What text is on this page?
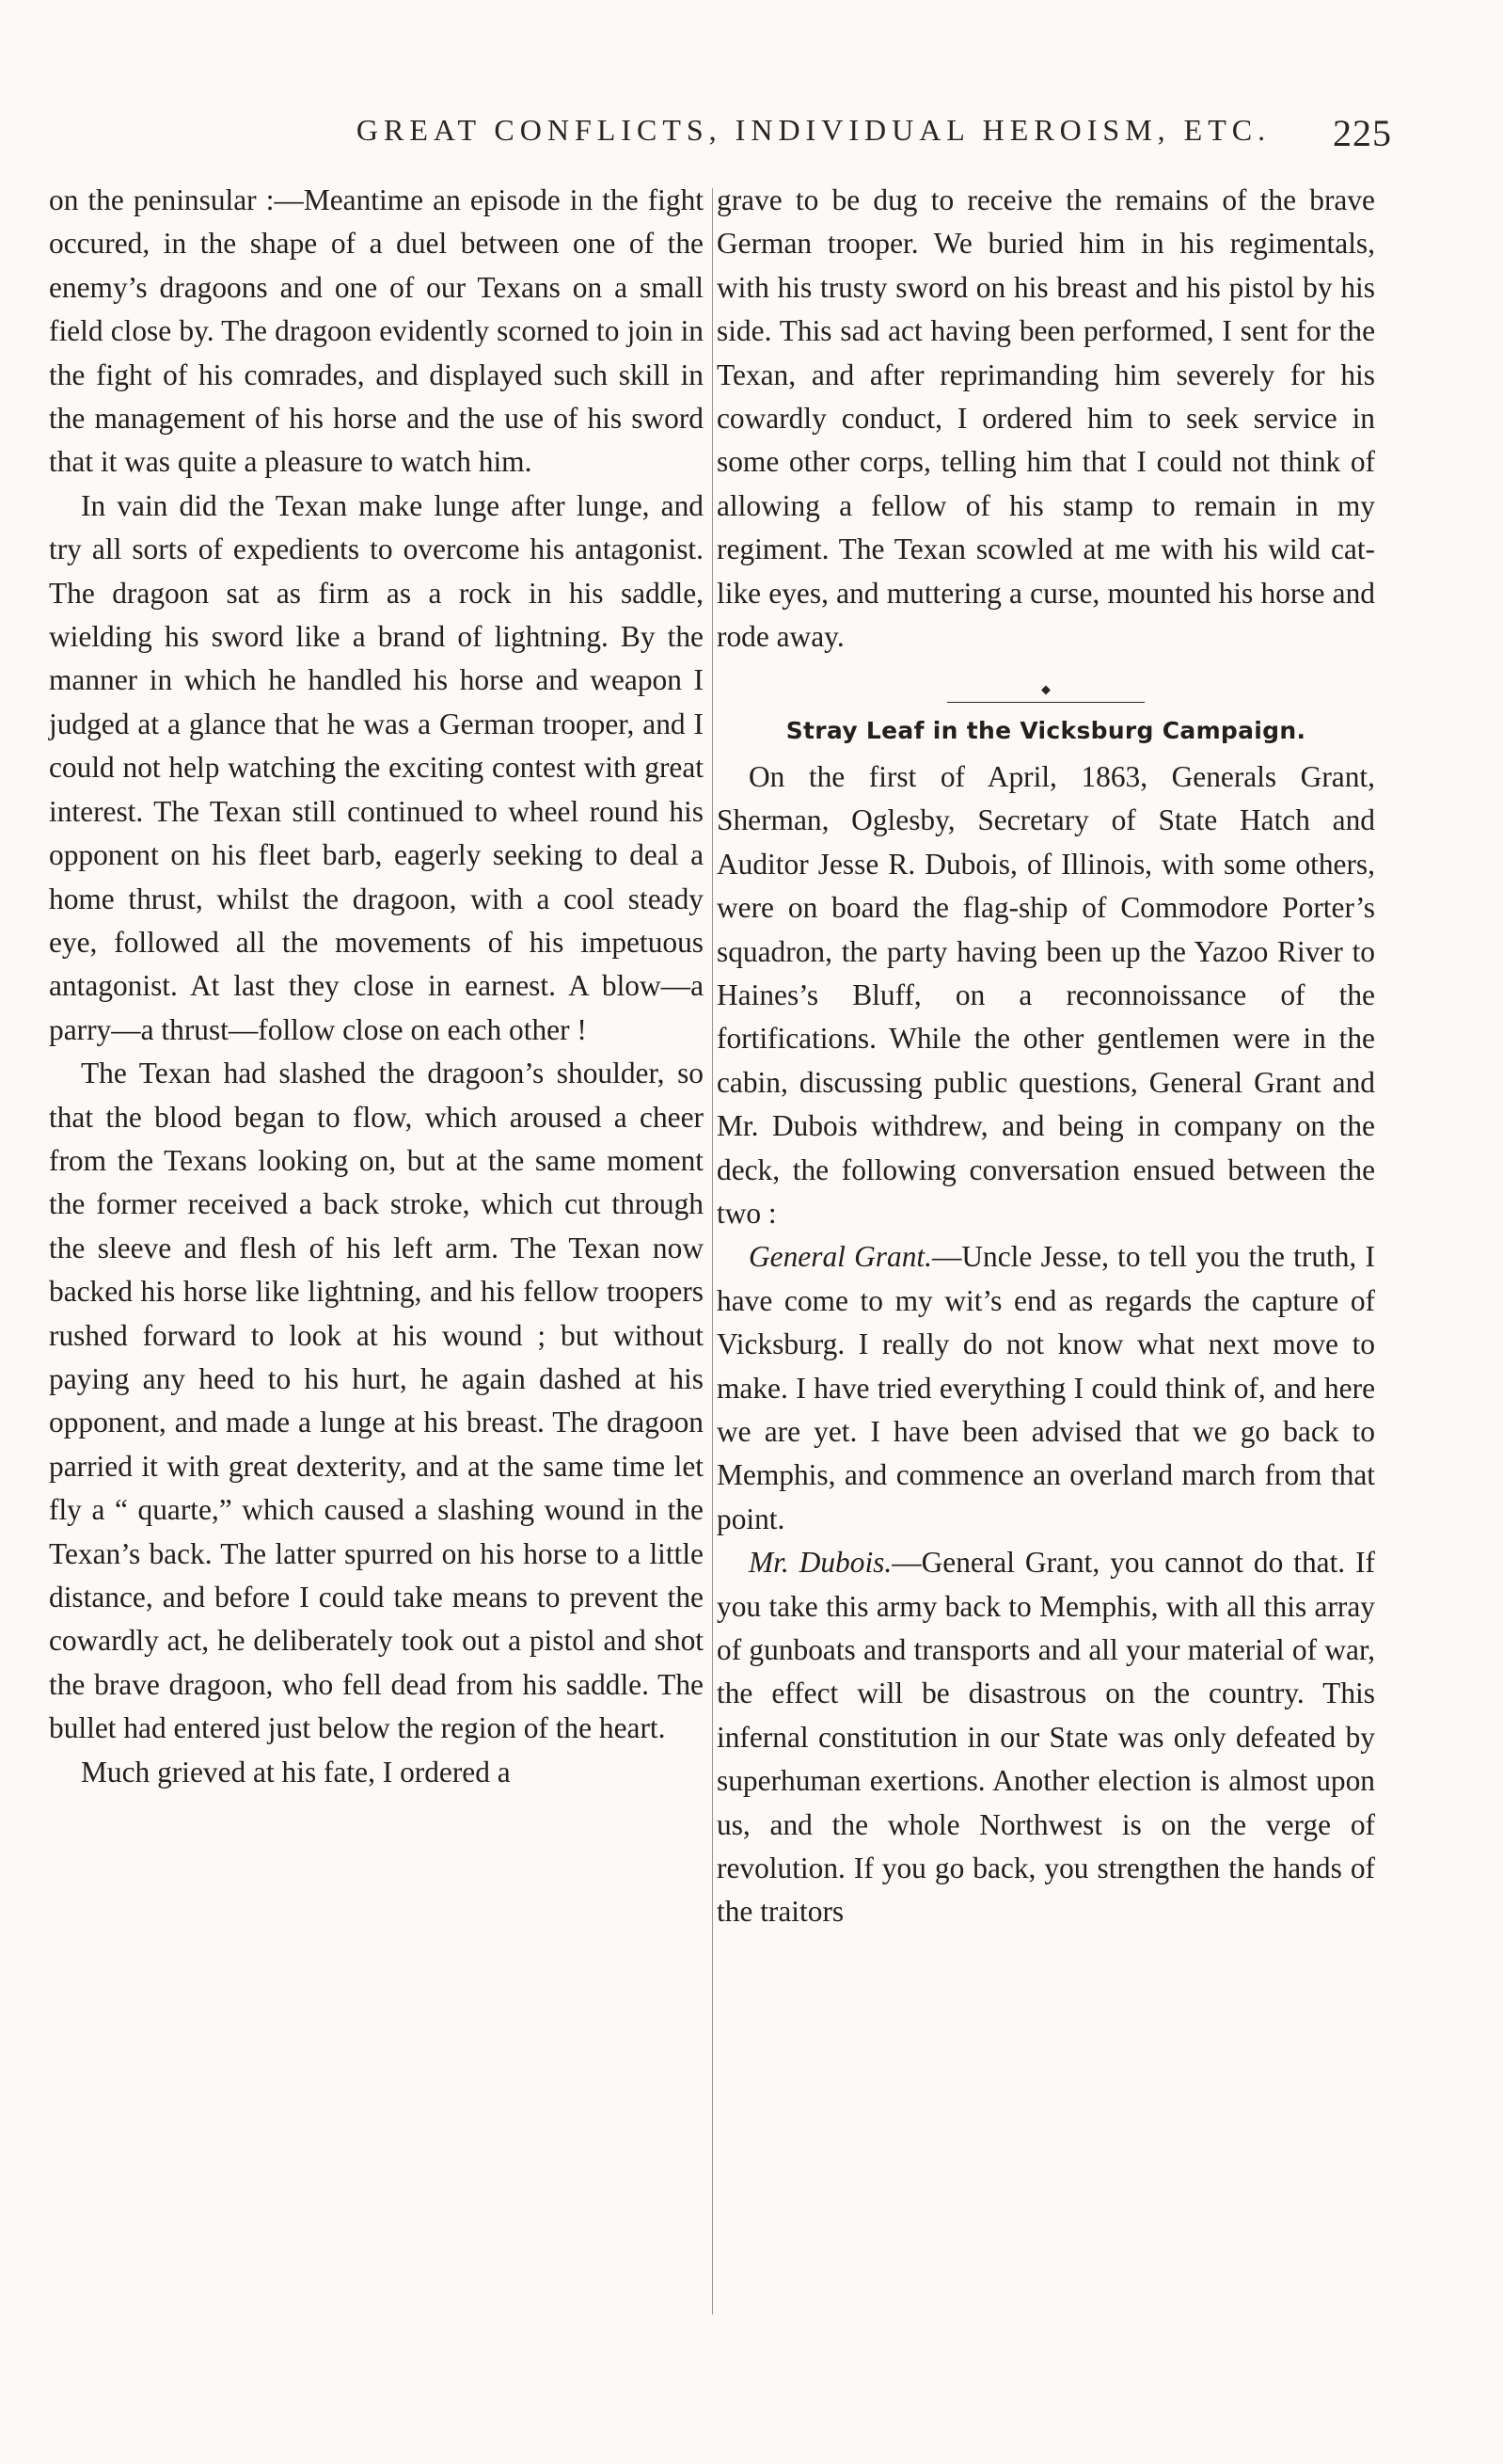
GREAT CONFLICTS, INDIVIDUAL HEROISM, ETC.	225

on the peninsular :—Meantime an episode in the fight occured, in the shape of a duel between one of the enemy’s dragoons and one of our Texans on a small field close by. The dragoon evidently scorned to join in the fight of his comrades, and displayed such skill in the management of his horse and the use of his sword that it was quite a pleasure to watch him.

In vain did the Texan make lunge after lunge, and try all sorts of expedients to overcome his antagonist. The dragoon sat as firm as a rock in his saddle, wielding his sword like a brand of lightning. By the manner in which he handled his horse and weapon I judged at a glance that he was a German trooper, and I could not help watching the exciting contest with great interest. The Texan still continued to wheel round his opponent on his fleet barb, eagerly seeking to deal a home thrust, whilst the dragoon, with a cool steady eye, followed all the movements of his impetuous antagonist. At last they close in earnest. A blow—a parry—a thrust—follow close on each other !

The Texan had slashed the dragoon’s shoulder, so that the blood began to flow, which aroused a cheer from the Texans looking on, but at the same moment the former received a back stroke, which cut through the sleeve and flesh of his left arm. The Texan now backed his horse like lightning, and his fellow troopers rushed forward to look at his wound ; but without paying any heed to his hurt, he again dashed at his opponent, and made a lunge at his breast. The dragoon parried it with great dexterity, and at the same time let fly a “ quarte,” which caused a slashing wound in the Texan’s back. The latter spurred on his horse to a little distance, and before I could take means to prevent the cowardly act, he deliberately took out a pistol and shot the brave dragoon, who fell dead from his saddle. The bullet had entered just below the region of the heart.

Much grieved at his fate, I ordered a

grave to be dug to receive the remains of the brave German trooper. We buried him in his regimentals, with his trusty sword on his breast and his pistol by his side. This sad act having been performed, I sent for the Texan, and after reprimanding him severely for his cowardly conduct, I ordered him to seek service in some other corps, telling him that I could not think of allowing a fellow of his stamp to remain in my regiment. The Texan scowled at me with his wild cat-like eyes, and muttering a curse, mounted his horse and rode away.

Stray Leaf in the Vicksburg Campaign.

On the first of April, 1863, Generals Grant, Sherman, Oglesby, Secretary of State Hatch and Auditor Jesse R. Dubois, of Illinois, with some others, were on board the flag-ship of Commodore Porter’s squadron, the party having been up the Yazoo River to Haines’s Bluff, on a reconnoissance of the fortifications. While the other gentlemen were in the cabin, discussing public questions, General Grant and Mr. Dubois withdrew, and being in company on the deck, the following conversation ensued between the two :

General Grant.—Uncle Jesse, to tell you the truth, I have come to my wit’s end as regards the capture of Vicksburg. I really do not know what next move to make. I have tried everything I could think of, and here we are yet. I have been advised that we go back to Memphis, and commence an overland march from that point.

Mr. Dubois.—General Grant, you cannot do that. If you take this army back to Memphis, with all this array of gunboats and transports and all your material of war, the effect will be disastrous on the country. This infernal constitution in our State was only defeated by superhuman exertions. Another election is almost upon us, and the whole Northwest is on the verge of revolution. If you go back, you strengthen the hands of the traitors
